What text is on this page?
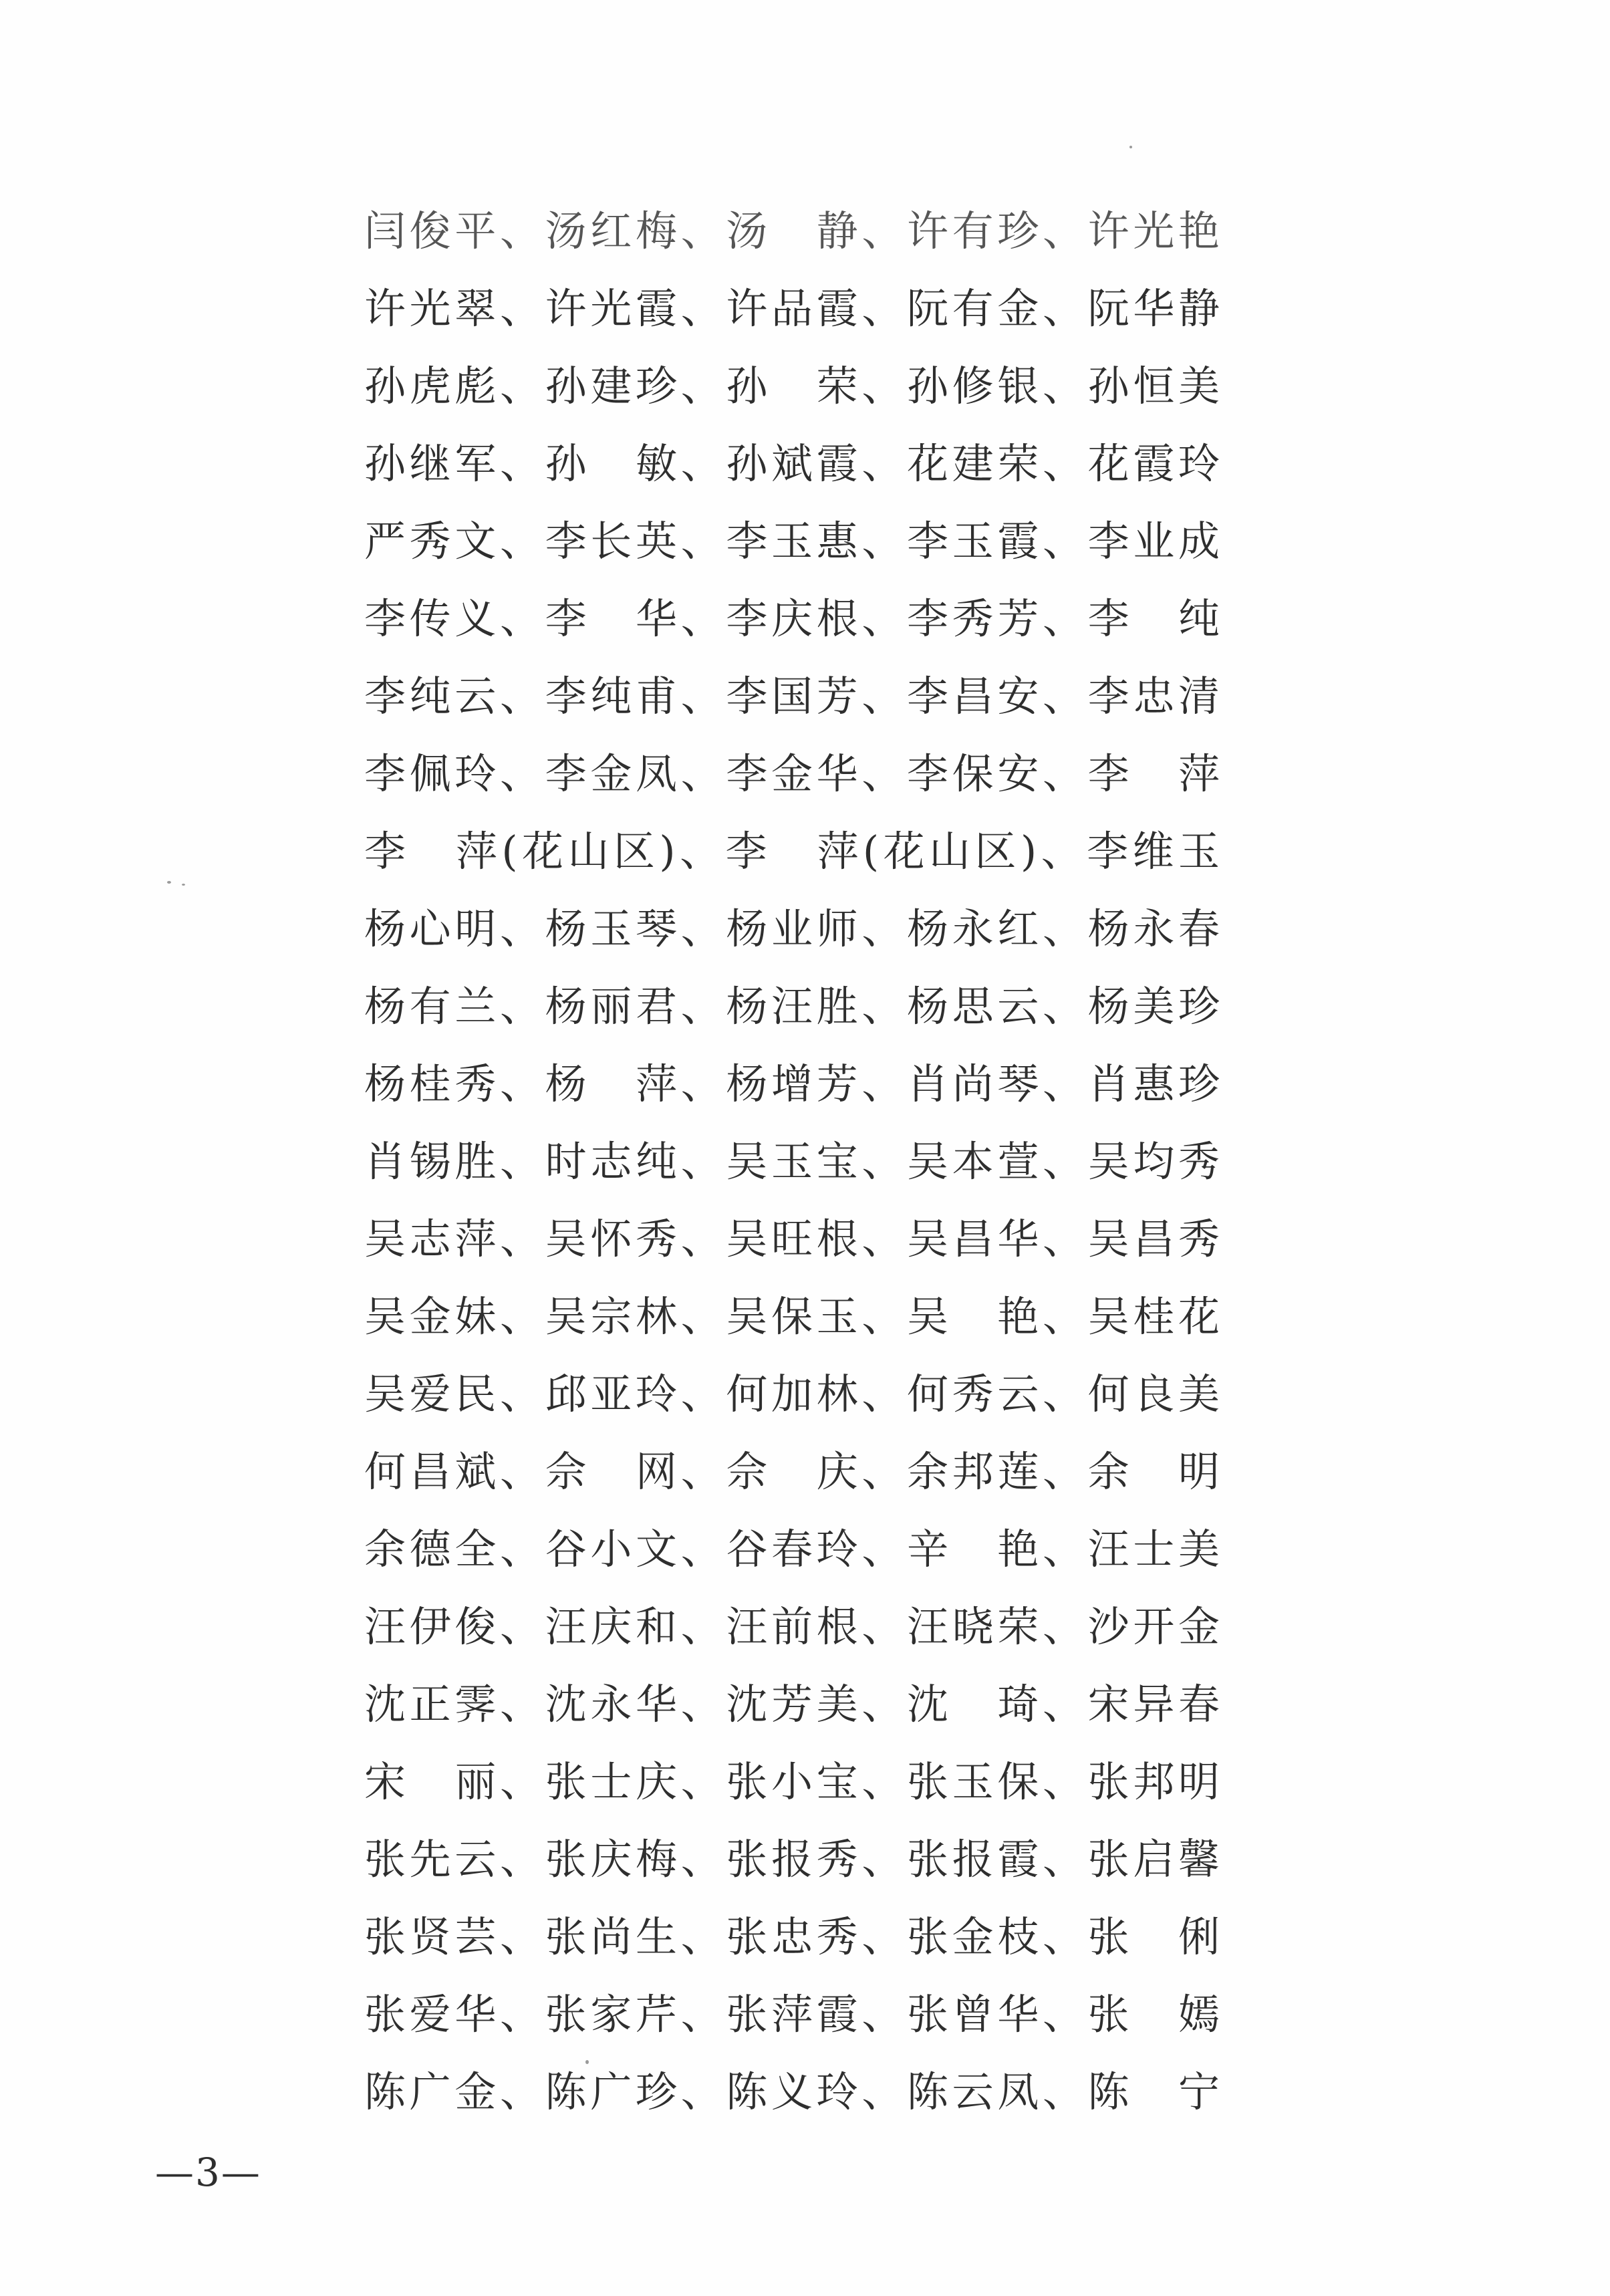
闫俊平、汤红梅、汤　静、许有珍、许光艳
许光翠、许光霞、许品霞、阮有金、阮华静
孙虎彪、孙建珍、孙　荣、孙修银、孙恒美
孙继军、孙　敏、孙斌霞、花建荣、花霞玲
严秀文、李长英、李玉惠、李玉霞、李业成
李传义、李　华、李庆根、李秀芳、李　纯
李纯云、李纯甫、李国芳、李昌安、李忠清
李佩玲、李金凤、李金华、李保安、李　萍
李　萍(花山区)、李　萍(花山区)、李维玉
杨心明、杨玉琴、杨业师、杨永红、杨永春
杨有兰、杨丽君、杨汪胜、杨思云、杨美珍
杨桂秀、杨　萍、杨增芳、肖尚琴、肖惠珍
肖锡胜、时志纯、吴玉宝、吴本萱、吴均秀
吴志萍、吴怀秀、吴旺根、吴昌华、吴昌秀
吴金妹、吴宗林、吴保玉、吴　艳、吴桂花
吴爱民、邱亚玲、何加林、何秀云、何良美
何昌斌、佘　网、佘　庆、余邦莲、余　明
余德全、谷小文、谷春玲、辛　艳、汪士美
汪伊俊、汪庆和、汪前根、汪晓荣、沙开金
沈正霁、沈永华、沈芳美、沈　琦、宋异春
宋　丽、张士庆、张小宝、张玉保、张邦明
张先云、张庆梅、张报秀、张报霞、张启馨
张贤芸、张尚生、张忠秀、张金枝、张　俐
张爱华、张家芹、张萍霞、张曾华、张　嫣
陈广金、陈广珍、陈义玲、陈云凤、陈　宁
—3—
